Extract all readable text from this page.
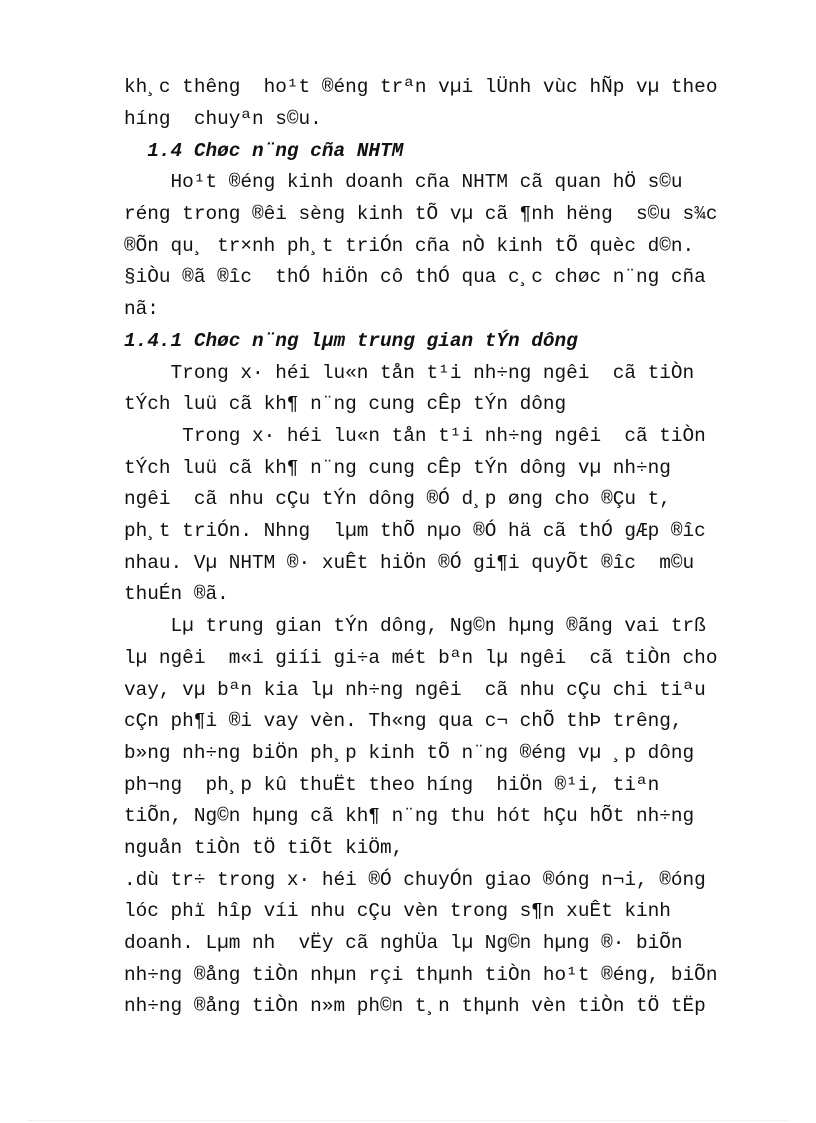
kh¸c thêng  ho¹t ®éng trªn vµi lÜnh vùc hÑp vµ theo
híng  chuyªn s©u.
1.4 Chøc n¨ng cña NHTM
Ho¹t ®éng kinh doanh cña NHTM cã quan hÖ s©u
réng trong ®êi sèng kinh tÕ vµ cã ¶nh hëng  s©u s¾c
®Õn qu¸ tr×nh ph¸t triÓn cña nÒ kinh tÕ quèc d©n.
§iÒu ®ã ®îc  thÓ hiÖn cô thÓ qua c¸c chøc n¨ng cña
nã:
1.4.1 Chøc n¨ng lµm trung gian tÝn dông
Trong x· héi lu«n tån t¹i nh÷ng ngêi  cã tiÒn
tÝch luü cã kh¶ n¨ng cung cÊp tÝn dông
Trong x· héi lu«n tån t¹i nh÷ng ngêi  cã tiÒn
tÝch luü cã kh¶ n¨ng cung cÊp tÝn dông vµ nh÷ng
ngêi  cã nhu cÇu tÝn dông ®Ó d¸p øng cho ®Çu t,
ph¸t triÓn. Nhng  lµm thÕ nµo ®Ó hä cã thÓ gÆp ®îc
nhau. Vµ NHTM ®· xuÊt hiÖn ®Ó gi¶i quyÕt ®îc  m©u
thuÉn ®ã.
Lµ trung gian tÝn dông, Ng©n hµng ®ãng vai trß
lµ ngêi  m«i giíi gi÷a mét bªn lµ ngêi  cã tiÒn cho
vay, vµ bªn kia lµ nh÷ng ngêi  cã nhu cÇu chi tiªu
cÇn ph¶i ®i vay vèn. Th«ng qua c¬ chÕ thÞ trêng,
b»ng nh÷ng biÖn ph¸p kinh tÕ n¨ng ®éng vµ ¸p dông
ph¬ng  ph¸p kû thuËt theo híng  hiÖn ®¹i, tiªn
tiÕn, Ng©n hµng cã kh¶ n¨ng thu hót hÇu hÕt nh÷ng
nguån tiÒn tÖ tiÕt kiÖm,
.dù tr÷ trong x· héi ®Ó chuyÓn giao ®óng n¬i, ®óng
lóc phï hîp víi nhu cÇu vèn trong s¶n xuÊt kinh
doanh. Lµm nh  vËy cã nghÜa lµ Ng©n hµng ®· biÕn
nh÷ng ®ång tiÒn nhµn rçi thµnh tiÒn ho¹t ®éng, biÕn
nh÷ng ®ång tiÒn n»m ph©n t¸n thµnh vèn tiÒn tÖ tËp
